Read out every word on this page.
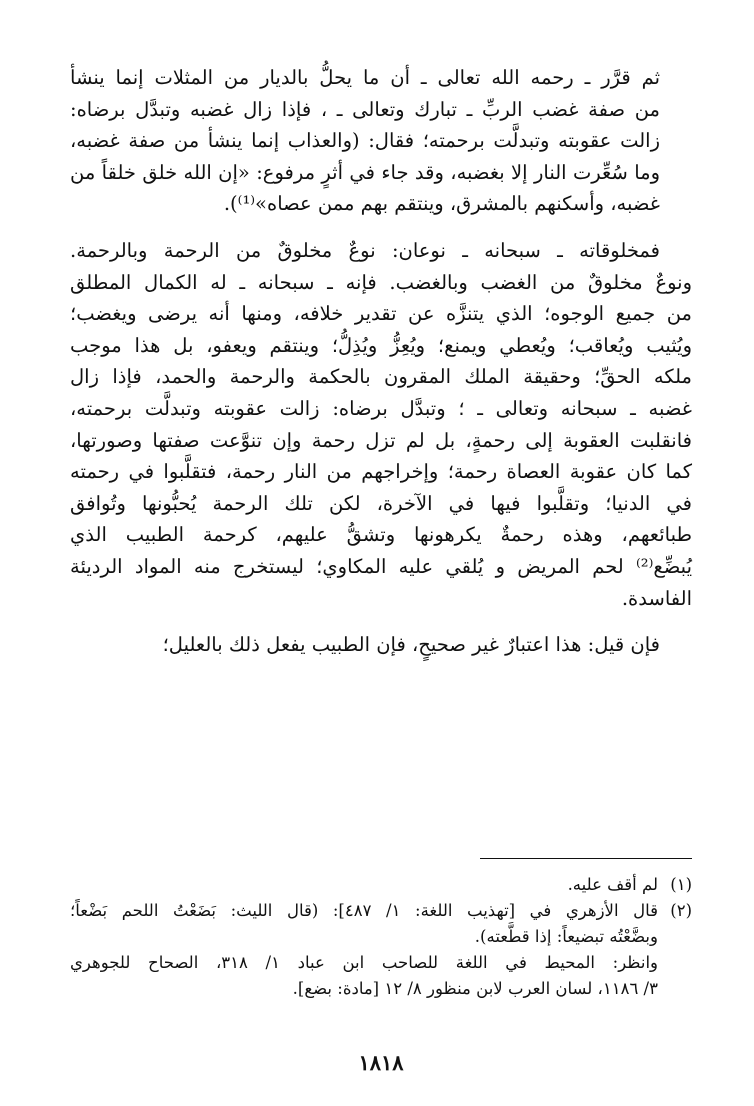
ثم قرَّر ـ رحمه الله تعالى ـ أن ما يحلُّ بالديار من المثلات إنما ينشأ
من صفة غضب الربِّ ـ تبارك وتعالى ـ ، فإذا زال غضبه وتبدَّل برضاه:
زالت عقوبته وتبدلَّت برحمته؛ فقال: (والعذاب إنما ينشأ من صفة غضبه،
وما سُعِّرت النار إلا بغضبه، وقد جاء في أثرٍ مرفوع: «إن الله خلق خلقاً من
غضبه، وأسكنهم بالمشرق، وينتقم بهم ممن عصاه»⁽¹⁾).
فمخلوقاته ـ سبحانه ـ نوعان: نوعٌ مخلوقٌ من الرحمة وبالرحمة.
ونوعٌ مخلوقٌ من الغضب وبالغضب. فإنه ـ سبحانه ـ له الكمال المطلق
من جميع الوجوه؛ الذي يتنزَّه عن تقدير خلافه، ومنها أنه يرضى ويغضب؛
ويُثيب ويُعاقب؛ ويُعطي ويمنع؛ ويُعِزُّ ويُذِلُّ؛ وينتقم ويعفو، بل هذا موجب
ملكه الحقِّ؛ وحقيقة الملك المقرون بالحكمة والرحمة والحمد، فإذا زال
غضبه ـ سبحانه وتعالى ـ ؛ وتبدَّل برضاه: زالت عقوبته وتبدلَّت برحمته،
فانقلبت العقوبة إلى رحمةٍ، بل لم تزل رحمة وإن تنوَّعت صفتها وصورتها،
كما كان عقوبة العصاة رحمة؛ وإخراجهم من النار رحمة، فتقلَّبوا في رحمته
في الدنيا؛ وتقلَّبوا فيها في الآخرة، لكن تلك الرحمة يُحبُّونها وتُوافق
طبائعهم، وهذه رحمةٌ يكرهونها وتشقُّ عليهم، كرحمة الطبيب الذي
يُبضِّع⁽²⁾ لحم المريض و يُلقي عليه المكاوي؛ ليستخرج منه المواد الرديئة
الفاسدة.
فإن قيل: هذا اعتبارٌ غير صحيحٍ، فإن الطبيب يفعل ذلك بالعليل؛
(١)
لم أقف عليه.
(٢)
قال الأزهري في [تهذيب اللغة: ١/ ٤٨٧]: (قال الليث: بَضَعْتُ اللحم بَضْعاً؛
وبضَّعْتُه تبضيعاً: إذا قطَّعته).
وانظر: المحيط في اللغة للصاحب ابن عباد ١/ ٣١٨، الصحاح للجوهري
٣/ ١١٨٦، لسان العرب لابن منظور ٨/ ١٢ [مادة: بضع].
١٨١٨
